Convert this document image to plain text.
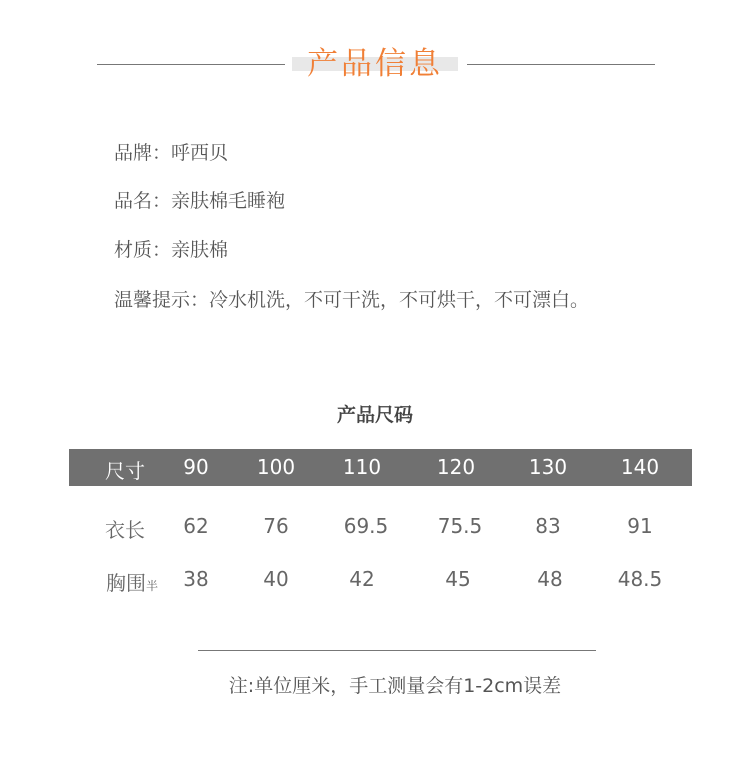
产品信息
品牌：呼西贝
品名：亲肤棉毛睡袍
材质：亲肤棉
温馨提示：冷水机洗，不可干洗，不可烘干，不可漂白。
产品尺码
尺寸	90	100	110	120	130	140
衣长	62	76	69.5	75.5	83	91
胸围半	38	40	42	45	48	48.5
注:单位厘米，手工测量会有1-2cm误差
